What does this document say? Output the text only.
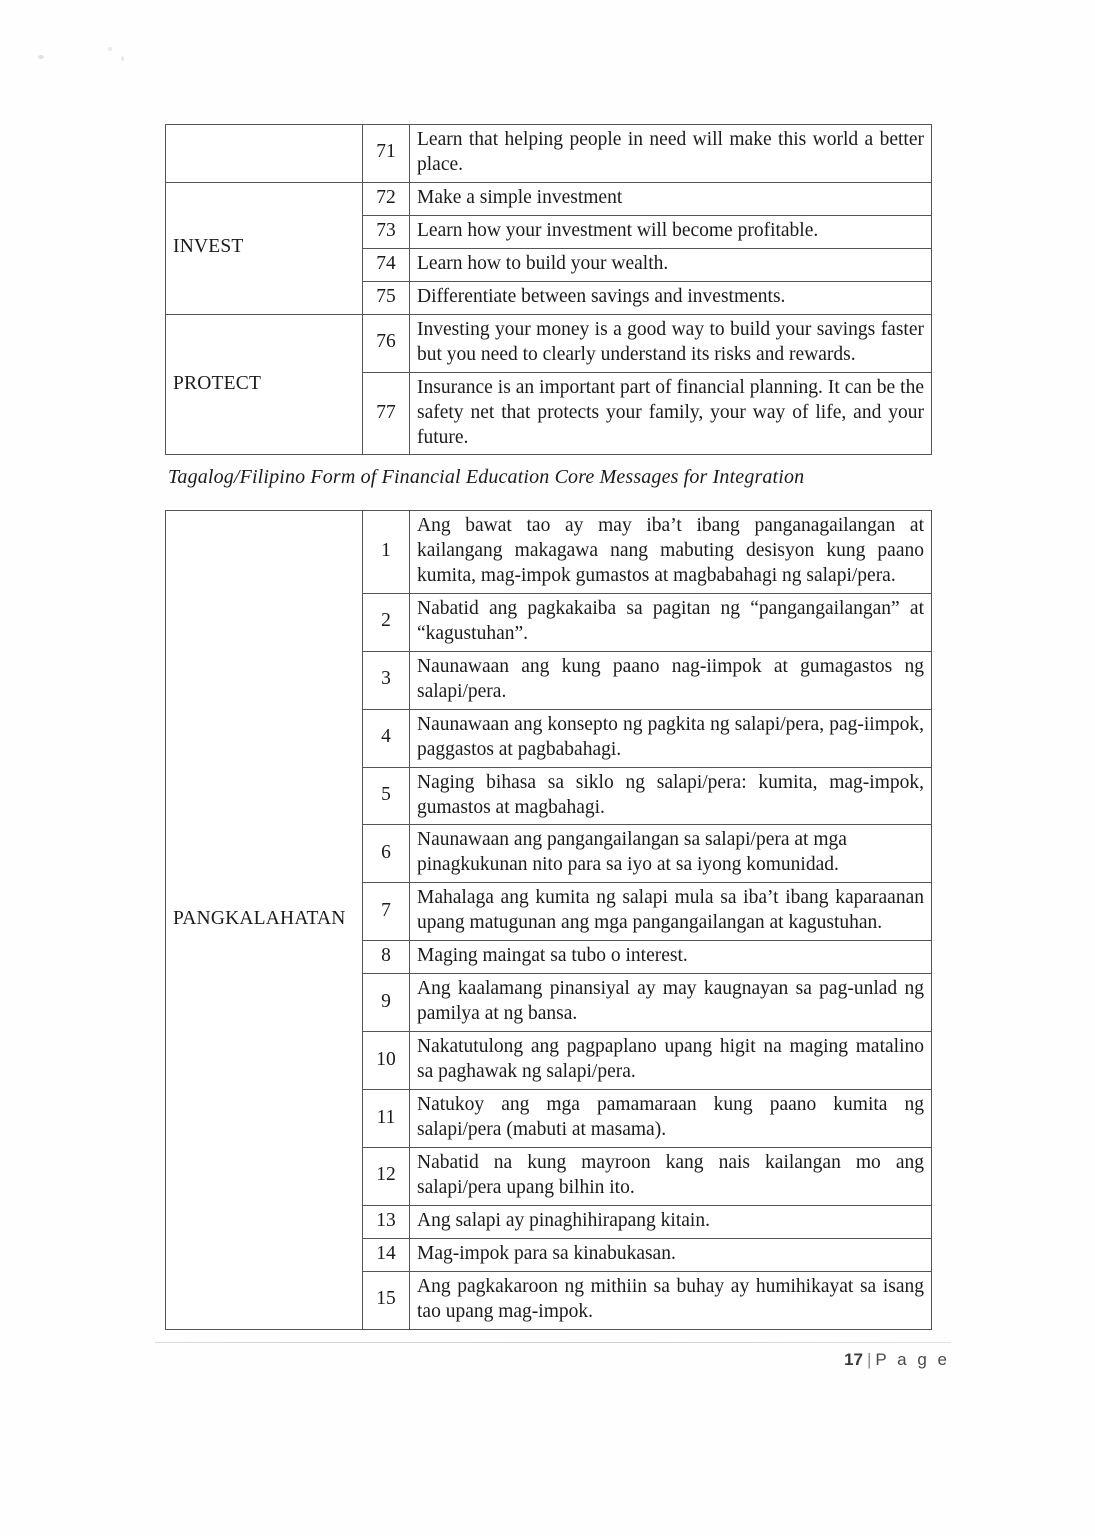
	71	Learn that helping people in need will make this world a better place.
INVEST	72	Make a simple investment
	73	Learn how your investment will become profitable.
	74	Learn how to build your wealth.
	75	Differentiate between savings and investments.
PROTECT	76	Investing your money is a good way to build your savings faster but you need to clearly understand its risks and rewards.
	77	Insurance is an important part of financial planning. It can be the safety net that protects your family, your way of life, and your future.
PANGKALAHATAN	1	Ang bawat tao ay may iba’t ibang panganagailangan at kailangang makagawa nang mabuting desisyon kung paano kumita, mag-impok gumastos at magbabahagi ng salapi/pera.
	2	Nabatid ang pagkakaiba sa pagitan ng “pangangailangan” at “kagustuhan”.
	3	Naunawaan ang kung paano nag-iimpok at gumagastos ng salapi/pera.
	4	Naunawaan ang konsepto ng pagkita ng salapi/pera, pag-iimpok, paggastos at pagbabahagi.
	5	Naging bihasa sa siklo ng salapi/pera: kumita, mag-impok, gumastos at magbahagi.
	6	Naunawaan ang pangangailangan sa salapi/pera at mga pinagkukunan nito para sa iyo at sa iyong komunidad.
	7	Mahalaga ang kumita ng salapi mula sa iba’t ibang kaparaanan upang matugunan ang mga pangangailangan at kagustuhan.
	8	Maging maingat sa tubo o interest.
	9	Ang kaalamang pinansiyal ay may kaugnayan sa pag-unlad ng pamilya at ng bansa.
	10	Nakatutulong ang pagpaplano upang higit na maging matalino sa paghawak ng salapi/pera.
	11	Natukoy ang mga pamamaraan kung paano kumita ng salapi/pera (mabuti at masama).
	12	Nabatid na kung mayroon kang nais kailangan mo ang salapi/pera upang bilhin ito.
	13	Ang salapi ay pinaghihirapang kitain.
	14	Mag-impok para sa kinabukasan.
	15	Ang pagkakaroon ng mithiin sa buhay ay humihikayat sa isang tao upang mag-impok.
Tagalog/Filipino Form of Financial Education Core Messages for Integration
17 | P a g e
